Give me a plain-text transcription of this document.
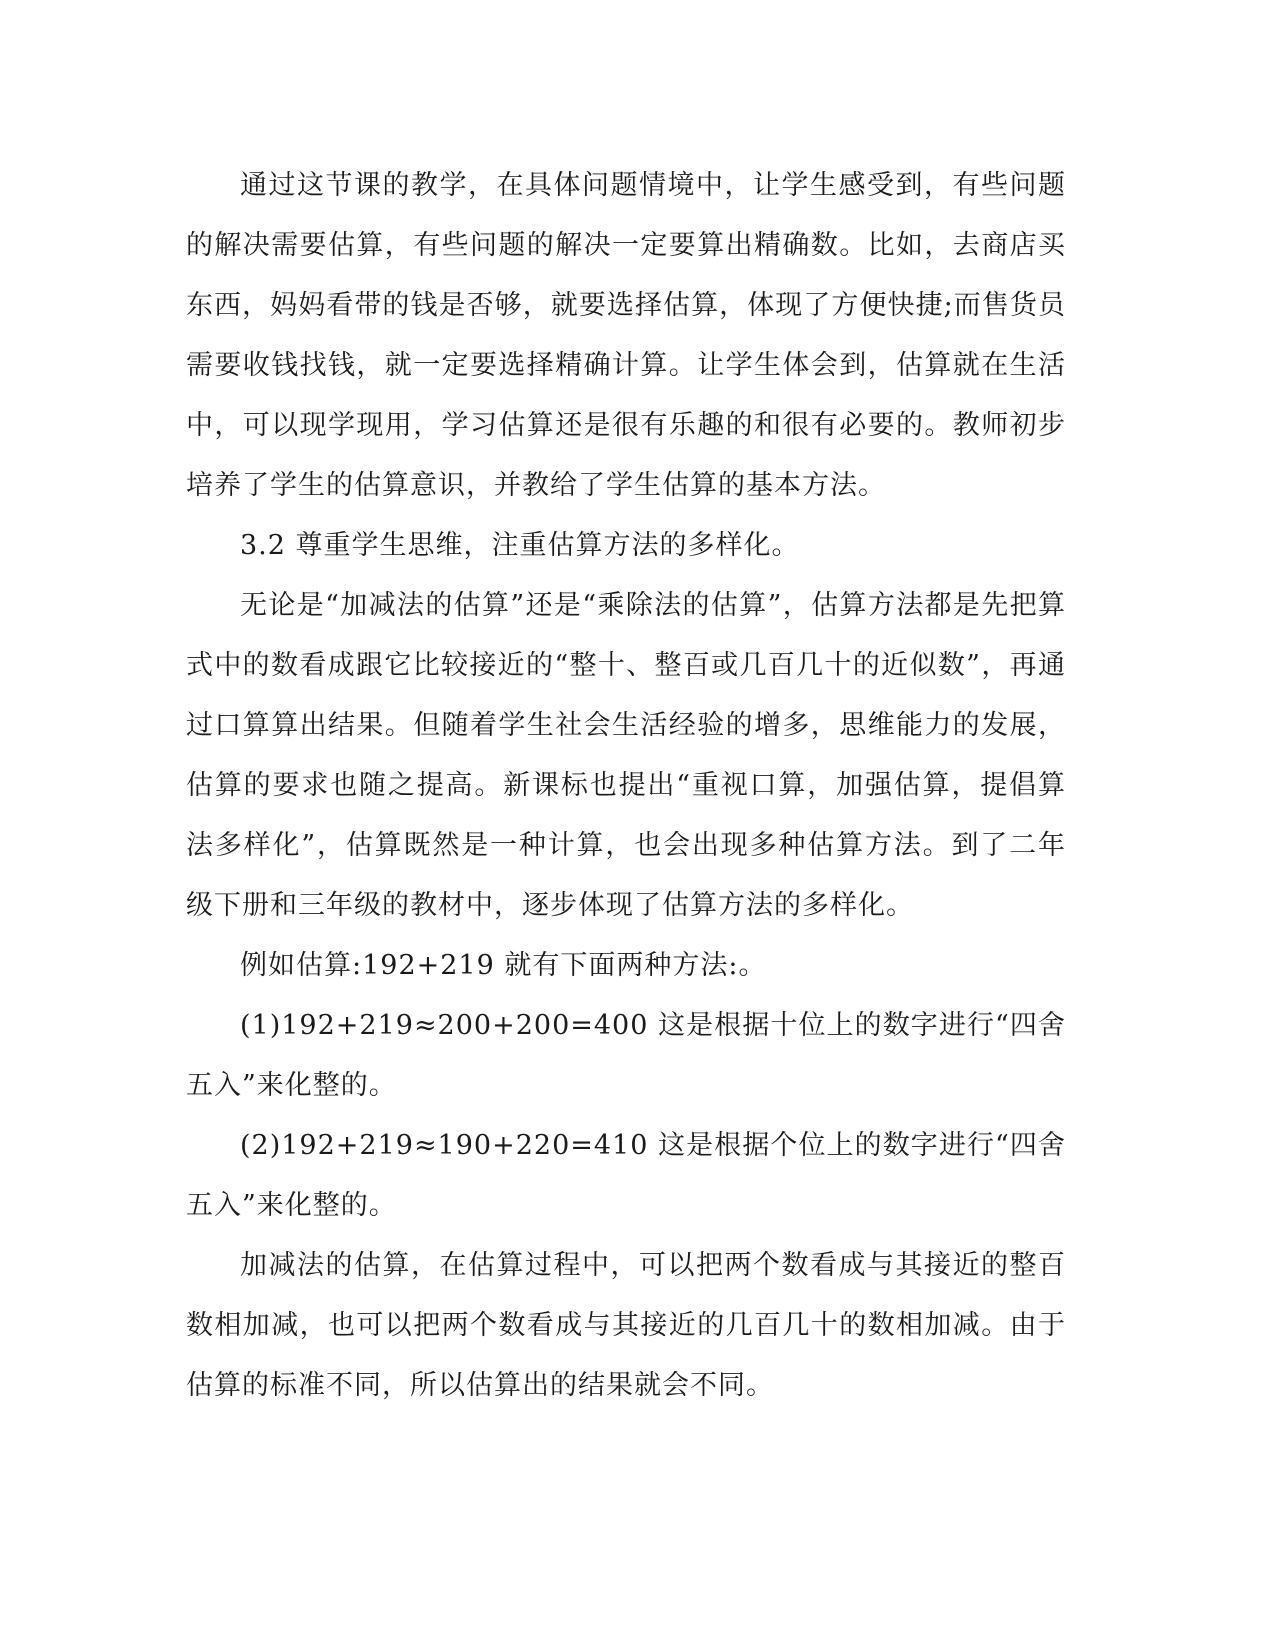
通过这节课的教学，在具体问题情境中，让学生感受到，有些问题的解决需要估算，有些问题的解决一定要算出精确数。比如，去商店买东西，妈妈看带的钱是否够，就要选择估算，体现了方便快捷;而售货员需要收钱找钱，就一定要选择精确计算。让学生体会到，估算就在生活中，可以现学现用，学习估算还是很有乐趣的和很有必要的。教师初步培养了学生的估算意识，并教给了学生估算的基本方法。

3.2 尊重学生思维，注重估算方法的多样化。

无论是“加减法的估算”还是“乘除法的估算”，估算方法都是先把算式中的数看成跟它比较接近的“整十、整百或几百几十的近似数”，再通过口算算出结果。但随着学生社会生活经验的增多，思维能力的发展，估算的要求也随之提高。新课标也提出“重视口算，加强估算，提倡算法多样化”，估算既然是一种计算，也会出现多种估算方法。到了二年级下册和三年级的教材中，逐步体现了估算方法的多样化。

例如估算:192+219 就有下面两种方法:。

(1)192+219≈200+200=400 这是根据十位上的数字进行“四舍五入”来化整的。

(2)192+219≈190+220=410 这是根据个位上的数字进行“四舍五入”来化整的。

加减法的估算，在估算过程中，可以把两个数看成与其接近的整百数相加减，也可以把两个数看成与其接近的几百几十的数相加减。由于估算的标准不同，所以估算出的结果就会不同。
